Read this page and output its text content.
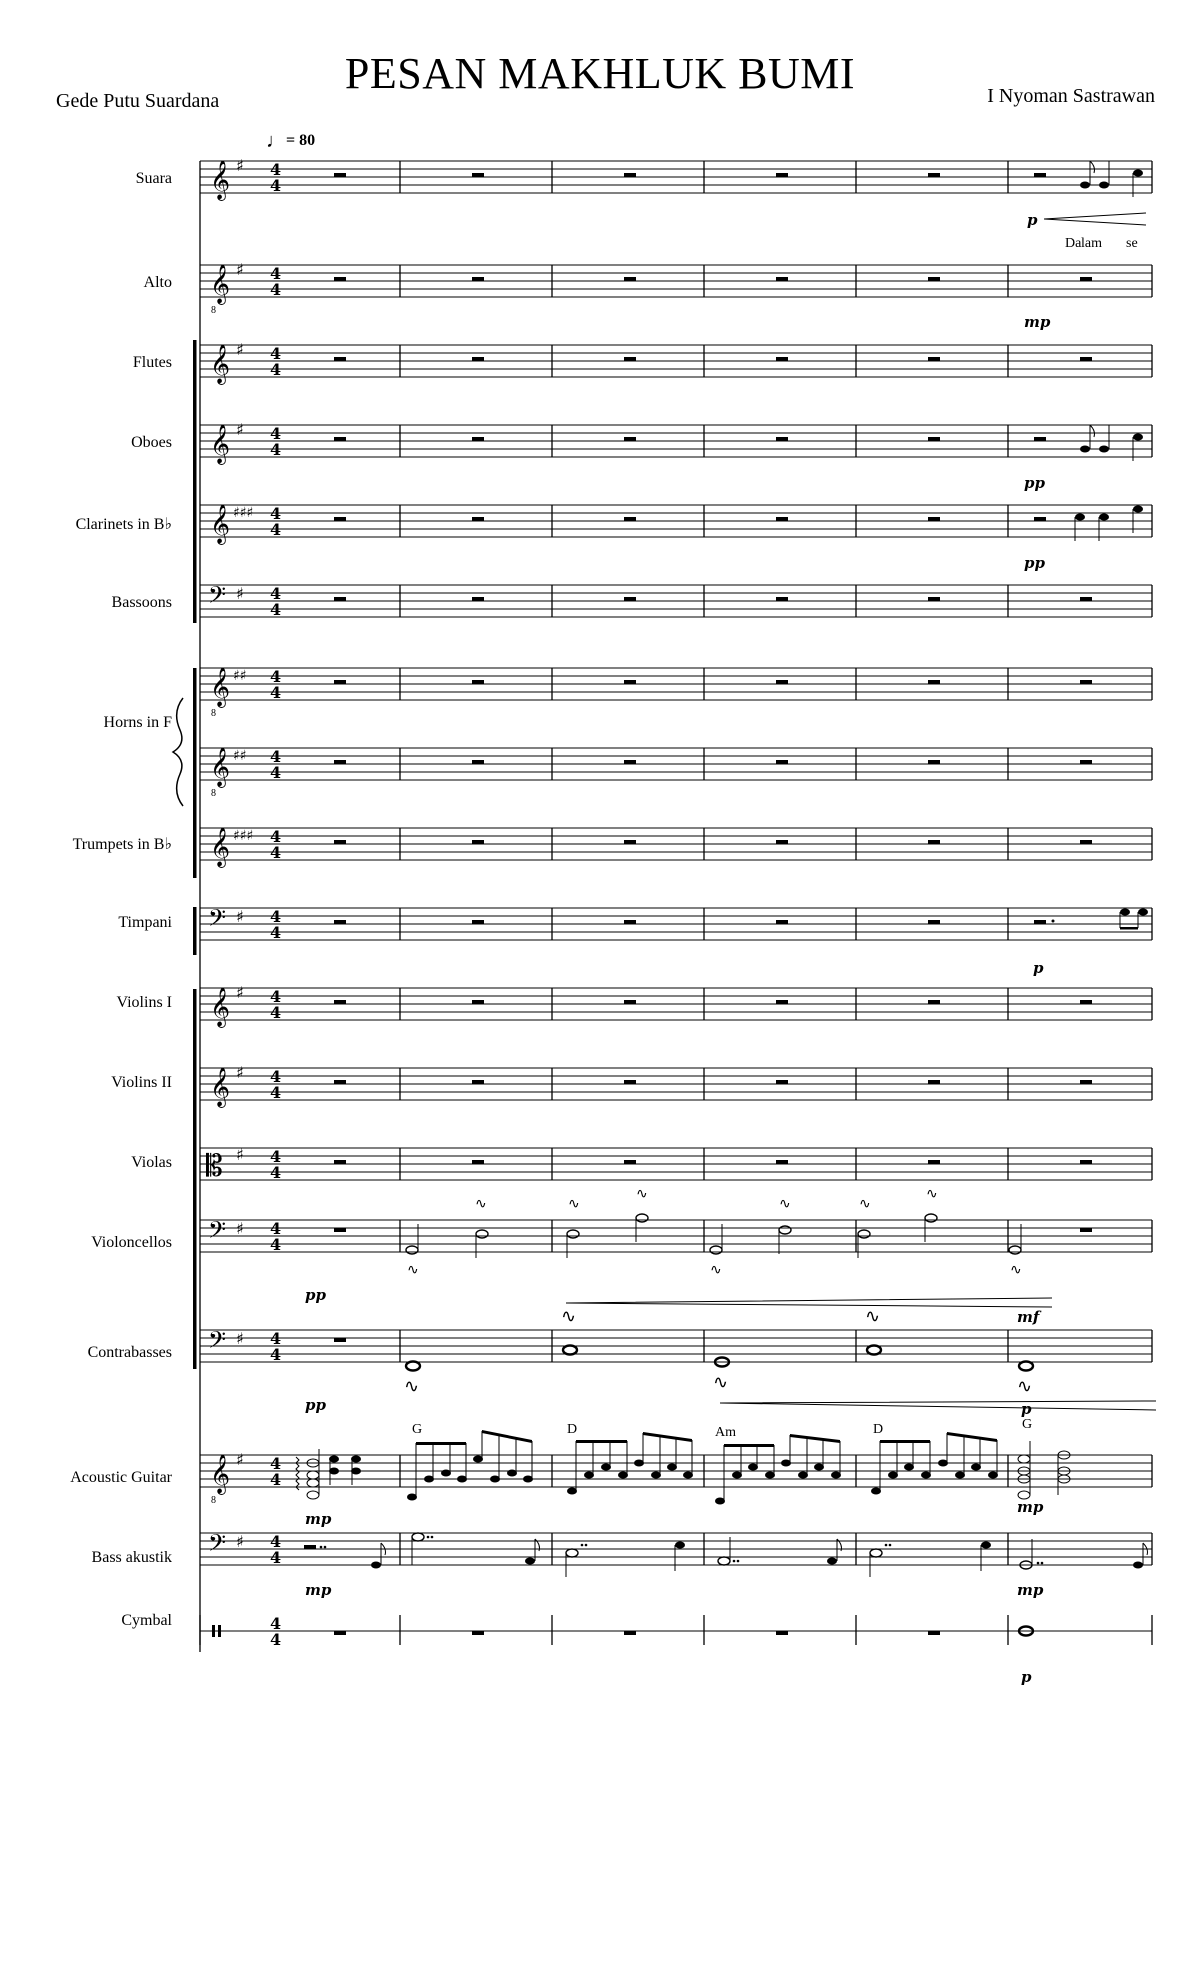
PESAN MAKHLUK BUMI
Gede Putu Suardana	I Nyoman Sastrawan
♩= 80
Suara
Alto
Flutes
Oboes
Clarinets in B♭
Bassoons
Horns in F
Trumpets in B♭
Timpani
Violins I
Violins II
Violas
Violoncellos
Contrabasses
Acoustic Guitar
Bass akustik
Cymbal
4
4
𝄞 ♯
p
Da lam se
𝄞
8
♯
mp
𝄞 ♯
𝄞 ♯
pp
𝄞 ♯♯♯
pp
𝄢 ♯
𝄞
8
♯♯
𝄞
8
♯♯
𝄞 ♯♯♯
𝄢 ♯
p
𝄞 ♯
𝄞 ♯
𝄡 ♯
𝄢 ♯
∿
∿	∿
∿
∿
∿	∿
∿
∿
pp
mf
𝄢 ♯
∿
∿
∿
∿
∿
pp	p
𝄞
8
♯
G	D	Am	D	G
mp
mp
𝄢 ♯
mp	mp
p
